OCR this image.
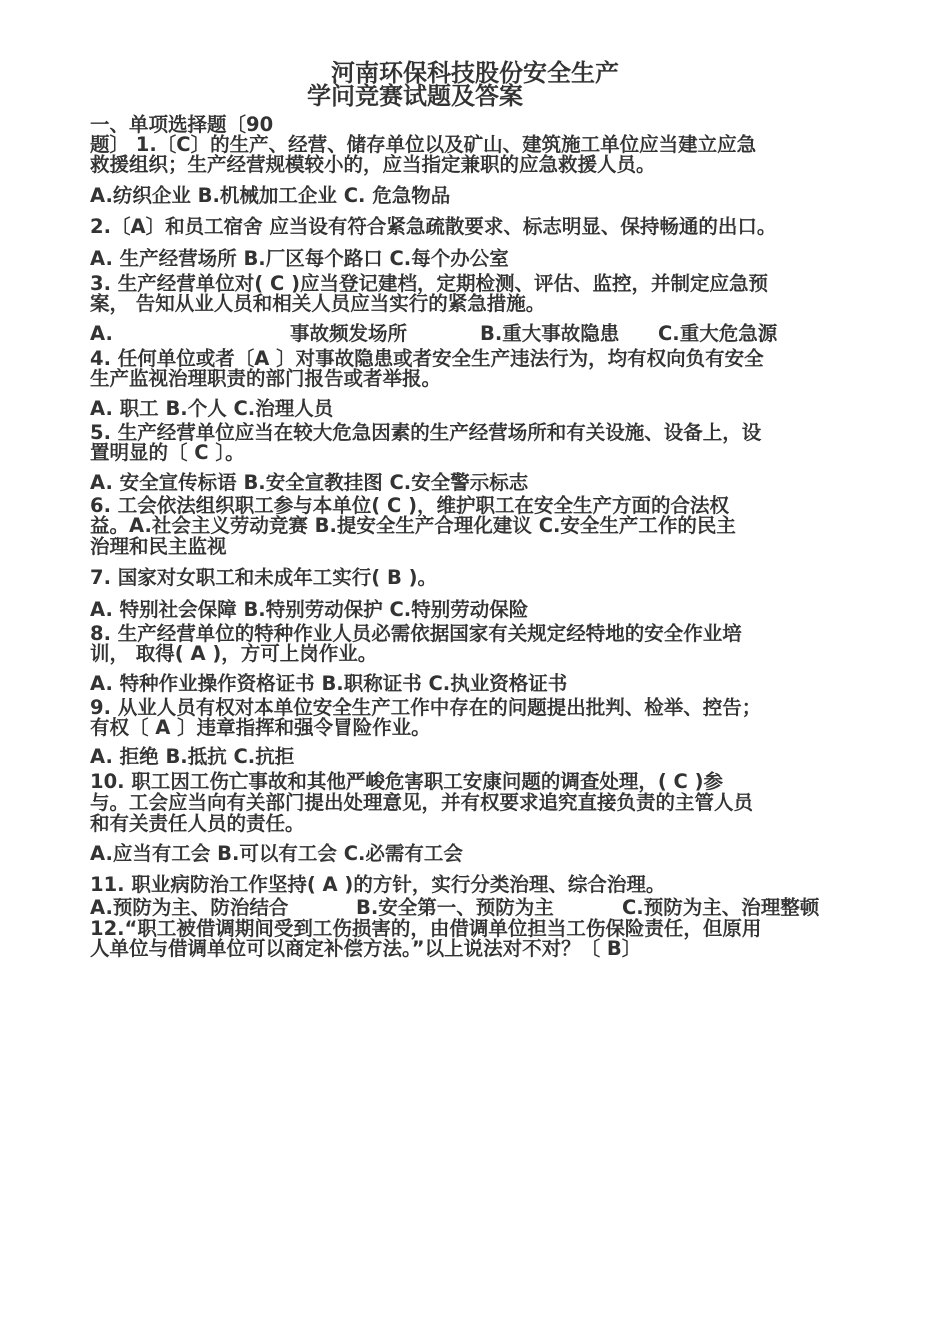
河南环保科技股份安全生产
学问竞赛试题及答案
一、单项选择题〔90
题〕 1.〔C〕的生产、经营、储存单位以及矿山、建筑施工单位应当建立应急
救援组织；生产经营规模较小的，应当指定兼职的应急救援人员。
A.纺织企业 B.机械加工企业 C. 危急物品
2.〔A〕和员工宿舍 应当设有符合紧急疏散要求、标志明显、保持畅通的出口。
A. 生产经营场所 B.厂区每个路口 C.每个办公室
3. 生产经营单位对( C )应当登记建档，定期检测、评估、监控，并制定应急预
案， 告知从业人员和相关人员应当实行的紧急措施。
A.	事故频发场所	B.重大事故隐患 C.重大危急源
4. 任何单位或者〔A 〕对事故隐患或者安全生产违法行为，均有权向负有安全
生产监视治理职责的部门报告或者举报。
A. 职工 B.个人 C.治理人员
5. 生产经营单位应当在较大危急因素的生产经营场所和有关设施、设备上，设
置明显的〔 C 〕。
A. 安全宣传标语 B.安全宣教挂图 C.安全警示标志
6. 工会依法组织职工参与本单位( C )，维护职工在安全生产方面的合法权
益。A.社会主义劳动竞赛 B.提安全生产合理化建议 C.安全生产工作的民主
治理和民主监视
7. 国家对女职工和未成年工实行( B )。
A. 特别社会保障 B.特别劳动保护 C.特别劳动保险
8. 生产经营单位的特种作业人员必需依据国家有关规定经特地的安全作业培
训， 取得( A )，方可上岗作业。
A. 特种作业操作资格证书 B.职称证书 C.执业资格证书
9. 从业人员有权对本单位安全生产工作中存在的问题提出批判、检举、控告；
有权〔 A 〕违章指挥和强令冒险作业。
A. 拒绝 B.抵抗 C.抗拒
10. 职工因工伤亡事故和其他严峻危害职工安康问题的调查处理，( C )参
与。工会应当向有关部门提出处理意见，并有权要求追究直接负责的主管人员
和有关责任人员的责任。
A.应当有工会 B.可以有工会 C.必需有工会
11. 职业病防治工作坚持( A )的方针，实行分类治理、综合治理。
A.预防为主、防治结合	B.安全第一、预防为主	C.预防为主、治理整顿
12.“职工被借调期间受到工伤损害的，由借调单位担当工伤保险责任，但原用
人单位与借调单位可以商定补偿方法。”以上说法对不对？〔 B〕
